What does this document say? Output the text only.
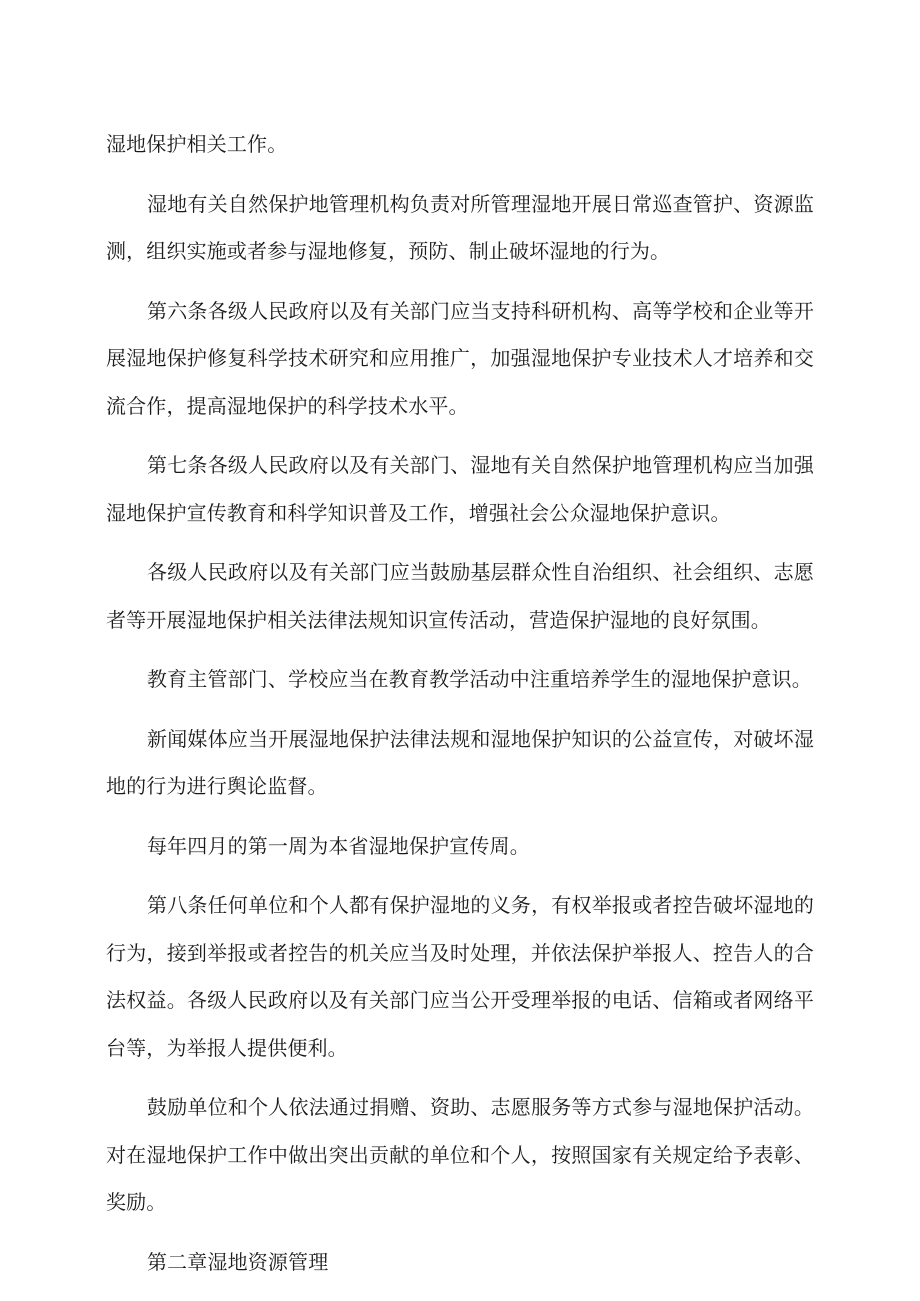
湿地保护相关工作。

湿地有关自然保护地管理机构负责对所管理湿地开展日常巡查管护、资源监测，组织实施或者参与湿地修复，预防、制止破坏湿地的行为。

第六条各级人民政府以及有关部门应当支持科研机构、高等学校和企业等开展湿地保护修复科学技术研究和应用推广，加强湿地保护专业技术人才培养和交流合作，提高湿地保护的科学技术水平。

第七条各级人民政府以及有关部门、湿地有关自然保护地管理机构应当加强湿地保护宣传教育和科学知识普及工作，增强社会公众湿地保护意识。

各级人民政府以及有关部门应当鼓励基层群众性自治组织、社会组织、志愿者等开展湿地保护相关法律法规知识宣传活动，营造保护湿地的良好氛围。

教育主管部门、学校应当在教育教学活动中注重培养学生的湿地保护意识。

新闻媒体应当开展湿地保护法律法规和湿地保护知识的公益宣传，对破坏湿地的行为进行舆论监督。

每年四月的第一周为本省湿地保护宣传周。

第八条任何单位和个人都有保护湿地的义务，有权举报或者控告破坏湿地的行为，接到举报或者控告的机关应当及时处理，并依法保护举报人、控告人的合法权益。各级人民政府以及有关部门应当公开受理举报的电话、信箱或者网络平台等，为举报人提供便利。

鼓励单位和个人依法通过捐赠、资助、志愿服务等方式参与湿地保护活动。对在湿地保护工作中做出突出贡献的单位和个人，按照国家有关规定给予表彰、奖励。

第二章湿地资源管理
